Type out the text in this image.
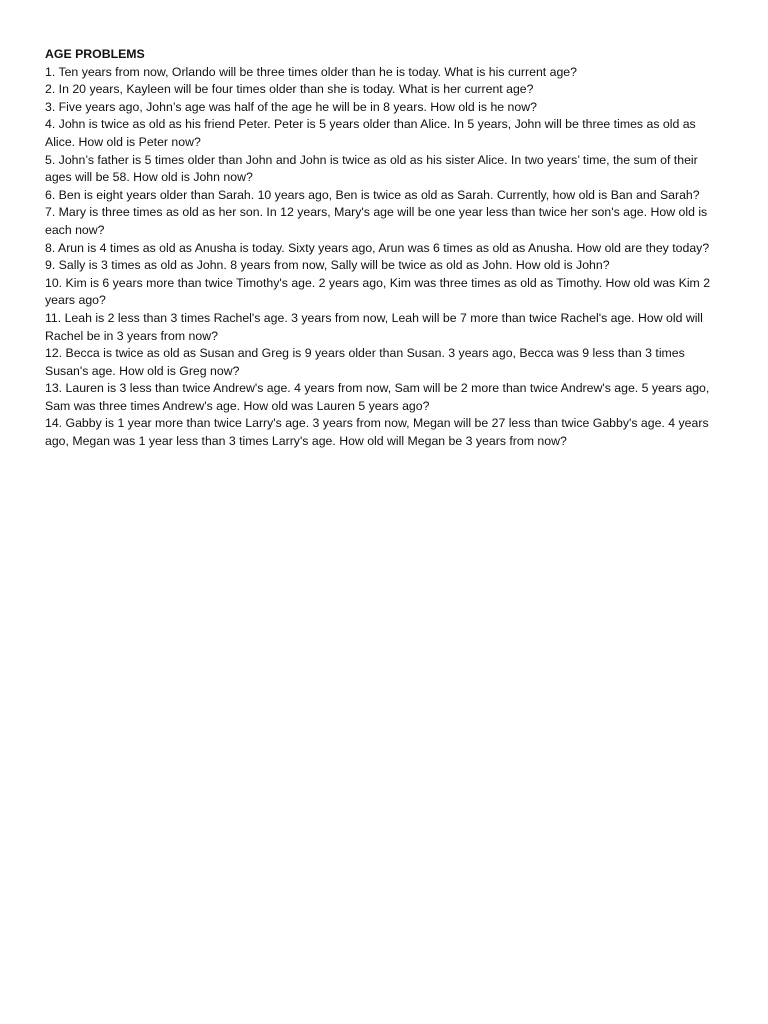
AGE PROBLEMS
1. Ten years from now, Orlando will be three times older than he is today. What is his current age?
2. In 20 years, Kayleen will be four times older than she is today. What is her current age?
3. Five years ago, John’s age was half of the age he will be in 8 years. How old is he now?
4. John is twice as old as his friend Peter. Peter is 5 years older than Alice. In 5 years, John will be three times as old as Alice. How old is Peter now?
5. John’s father is 5 times older than John and John is twice as old as his sister Alice. In two years’ time, the sum of their ages will be 58. How old is John now?
6. Ben is eight years older than Sarah. 10 years ago, Ben is twice as old as Sarah. Currently, how old is Ban and Sarah?
7. Mary is three times as old as her son. In 12 years, Mary's age will be one year less than twice her son's age. How old is each now?
8. Arun is 4 times as old as Anusha is today. Sixty years ago, Arun was 6 times as old as Anusha. How old are they today?
9. Sally is 3 times as old as John. 8 years from now, Sally will be twice as old as John. How old is John?
10. Kim is 6 years more than twice Timothy's age. 2 years ago, Kim was three times as old as Timothy. How old was Kim 2 years ago?
11. Leah is 2 less than 3 times Rachel's age. 3 years from now, Leah will be 7 more than twice Rachel's age. How old will Rachel be in 3 years from now?
12. Becca is twice as old as Susan and Greg is 9 years older than Susan. 3 years ago, Becca was 9 less than 3 times Susan's age. How old is Greg now?
13. Lauren is 3 less than twice Andrew's age. 4 years from now, Sam will be 2 more than twice Andrew's age. 5 years ago, Sam was three times Andrew's age. How old was Lauren 5 years ago?
14. Gabby is 1 year more than twice Larry's age. 3 years from now, Megan will be 27 less than twice Gabby's age. 4 years ago, Megan was 1 year less than 3 times Larry's age. How old will Megan be 3 years from now?
